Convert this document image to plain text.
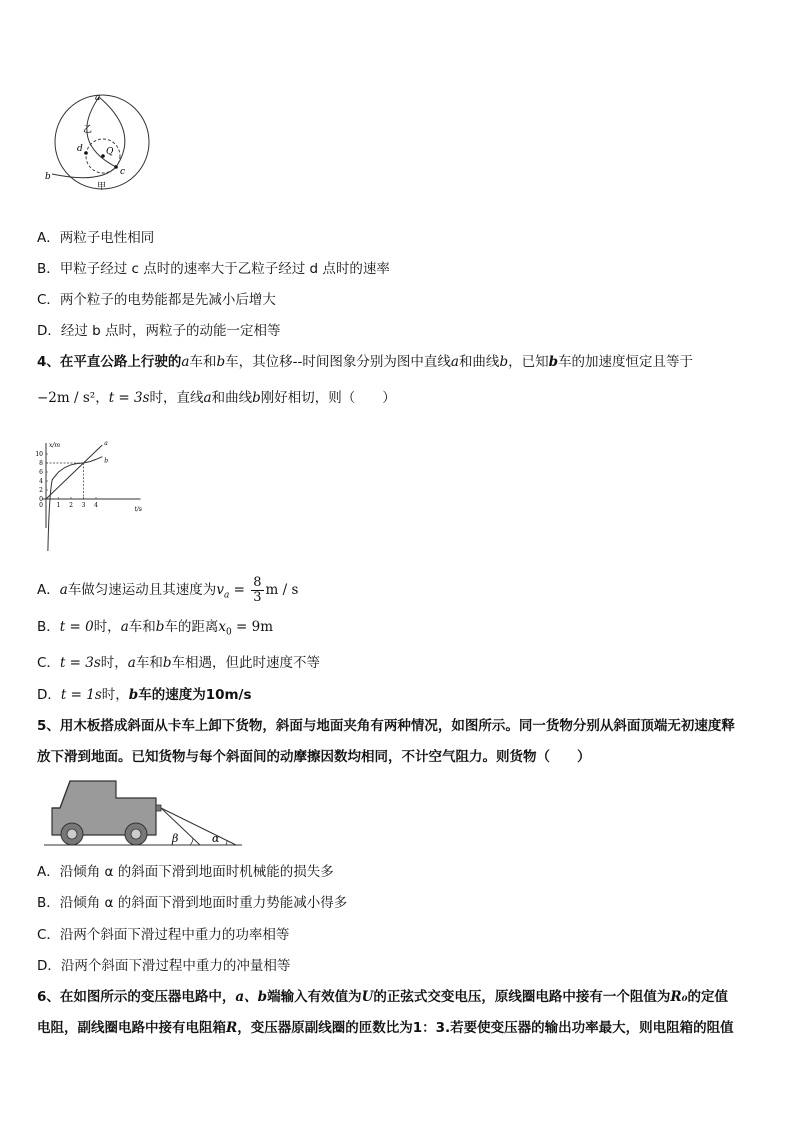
a
b	c
d	Q
乙
甲
A．两粒子电性相同
B．甲粒子经过 c 点时的速率大于乙粒子经过 d 点时的速率
C．两个粒子的电势能都是先减小后增大
D．经过 b 点时，两粒子的动能一定相等
4、在平直公路上行驶的a车和b车，其位移--时间图象分别为图中直线a和曲线b，已知b车的加速度恒定且等于
−2m / s²，t = 3s时，直线a和曲线b刚好相切，则（　　）
x/m
t/s
10
8
6
4
2
0
1 2 3 4
a
b
0
A．a车做匀速运动且其速度为$v_a = \frac{8}{3}$ m / s
B．t = 0时，a车和b车的距离$x_0 = 9m$
C．t = 3s时，a车和b车相遇，但此时速度不等
D．t = 1s时，b车的速度为10m/s
5、用木板搭成斜面从卡车上卸下货物，斜面与地面夹角有两种情况，如图所示。同一货物分别从斜面顶端无初速度释
放下滑到地面。已知货物与每个斜面间的动摩擦因数均相同，不计空气阻力。则货物（　　）
β	α
A．沿倾角 α 的斜面下滑到地面时机械能的损失多
B．沿倾角 α 的斜面下滑到地面时重力势能减小得多
C．沿两个斜面下滑过程中重力的功率相等
D．沿两个斜面下滑过程中重力的冲量相等
6、在如图所示的变压器电路中，a、b端输入有效值为U的正弦式交变电压，原线圈电路中接有一个阻值为R₀的定值
电阻，副线圈电路中接有电阻箱R，变压器原副线圈的匝数比为1：3.若要使变压器的输出功率最大，则电阻箱的阻值
